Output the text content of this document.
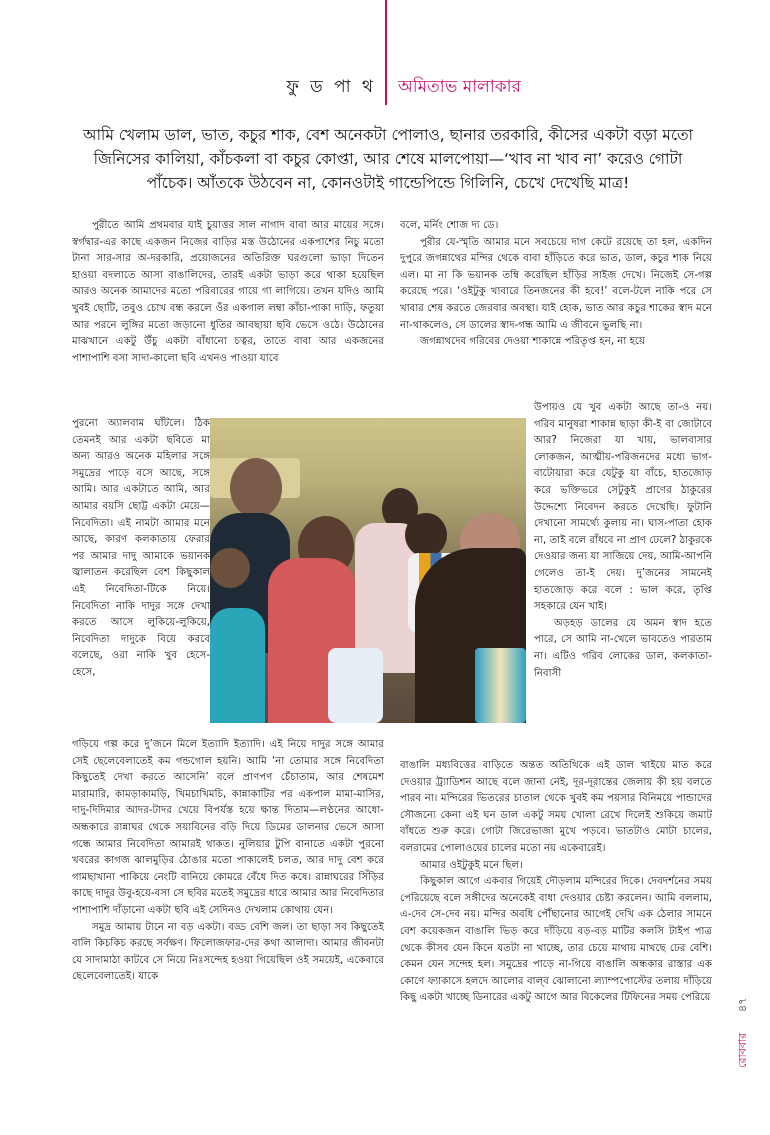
ফু ড পা থ অমিতাভ মালাকার
আমি খেলাম ডাল, ভাত, কচুর শাক, বেশ অনেকটা পোলাও, ছানার তরকারি, কীসের একটা বড়া মতো জিনিসের কালিয়া, কাঁচকলা বা কচুর কোপ্তা, আর শেষে মালপোয়া—‘খাব না খাব না’ করেও গোটা পাঁচেক। আঁতকে উঠবেন না, কোনওটাই গান্ডেপিন্ডে গিলিনি, চেখে দেখেছি মাত্র!

পুরীতে আমি প্রথমবার যাই চুয়াত্তর সাল নাগাদ বাবা আর মায়ের সঙ্গে। স্বর্গদ্বার-এর কাছে একজন নিজের বাড়ির মস্ত উঠোনের একপাশের নিচু মতো টানা সার-সার অ-দরকারি, প্রয়োজনের অতিরিক্ত ঘরগুলো ভাড়া দিতেন হাওয়া বদলাতে আসা বাঙালিদের, তারই একটা ভাড়া করে থাকা হয়েছিল আরও অনেক আমাদের মতো পরিবারের গায়ে গা লাগিয়ে। তখন যদিও আমি খুবই ছোটি, তবুও চোখ বন্ধ করলে ওঁর একগাল লম্বা কাঁচা-পাকা দাড়ি, ফতুয়া আর পরনে লুঙ্গির মতো জড়ানো ধুতির আবছায়া ছবি ভেসে ওঠে। উঠোনের মাঝখানে একটু উঁচু একটা বাঁধানো চত্বর, তাতে বাবা আর একজনের পাশাপাশি বসা সাদা-কালো ছবি এখনও পাওয়া যাবে

পুরনো অ্যালবাম ঘাঁটলে। ঠিক তেমনই আর একটা ছবিতে মা অন্য আরও অনেক মহিলার সঙ্গে সমুদ্রের পাড়ে বসে আছে, সঙ্গে আমি। আর একটাতে আমি, আর আমার বয়সি ছোট্ট একটা মেয়ে—নিবেদিতা। এই নামটা আমার মনে আছে, কারণ কলকাতায় ফেরার পর আমার দাদু আমাকে ভয়ানক জ্বালাতন করেছিল বেশ কিছুকাল এই নিবেদিতা-টিকে নিয়ে। নিবেদিতা নাকি দাদুর সঙ্গে দেখা করতে আসে লুকিয়ে-লুকিয়ে, নিবেদিতা দাদুকে বিয়ে করবে বলেছে, ওরা নাকি খুব হেসে-হেসে,

গড়িয়ে গল্প করে দু’জনে মিলে ইত্যাদি ইত্যাদি। এই নিয়ে দাদুর সঙ্গে আমার সেই ছেলেবেলাতেই কম গন্ডগোল হয়নি। আমি ‘না তোমার সঙ্গে নিবেদিতা কিছুতেই দেখা করতে আসেনি’ বলে প্রাণপণ চেঁচাতাম, আর শেষমেশ মারামারি, কামড়াকামড়ি, খিমচাখিমচি, কান্নাকাটির পর একপাল মামা-মাসির, দাদু-দিদিমার আদর-টাদর খেয়ে বিপর্যস্ত হয়ে ক্ষান্ত দিতাম—লণ্ঠনের আধো-অন্ধকারে রান্নাঘর থেকে সয়াবিনের বড়ি দিয়ে ডিমের ডালনার ভেসে আসা গন্ধে আমার নিবেদিতা আমারই থাকত। নুলিয়ার টুপি বানাতে একটা পুরনো খবরের কাগজ ঝালমুড়ির ঠোঙার মতো পাকালেই চলত, আর দাদু বেশ করে গামছাখানা পাকিয়ে নেংটি বানিয়ে কোমরে বেঁধে দিত কষে। রান্নাঘরের সিঁড়ির কাছে দাদুর উবু-হয়ে-বসা সে ছবির মতেই সমুদ্রের ধারে আমার আর নিবেদিতার পাশাপাশি দাঁড়ানো একটা ছবি এই সেদিনও দেখলাম কোথায় যেন।

সমুদ্র আমায় টানে না বড় একটা। বড্ড বেশি জল। তা ছাড়া সব কিছুতেই বালি কিচকিচ করছে সর্বক্ষণ। ফিলোজফার-দের কথা আলাদা। আমার জীবনটা যে সাদামাঠা কাটবে সে নিয়ে নিঃসন্দেহ হওয়া গিয়েছিল ওই সময়েই, একেবারে ছেলেবেলাতেই। যাকে

বলে, মর্নিং শোজ দ্য ডে।

পুরীর যে-স্মৃতি আমার মনে সবচেয়ে দাগ কেটে রয়েছে তা হল, একদিন দুপুরে জগন্নাথের মন্দির থেকে বাবা হাঁড়িতে করে ভাত, ডাল, কচুর শাক নিয়ে এল। মা না কি ভয়ানক তম্বি করেছিল হাঁড়ির সাইজ দেখে। নিজেই সে-গল্প করেছে পরে। ‘ওইটুকু খাবারে তিনজনের কী হবে!’ বলে-টলে নাকি পরে সে খাবার শেষ করতে জেরবার অবস্থা। যাই হোক, ভাত আর কচুর শাকের স্বাদ মনে না-থাকলেও, সে ডালের স্বাদ-গন্ধ আমি এ জীবনে ভুলছি না।

জগন্নাথদেব গরিবের দেওয়া শাকান্নে পরিতৃপ্ত হন, না হয়ে

উপায়ও যে খুব একটা আছে তা-ও নয়। গরিব মানুষরা শাকান্ন ছাড়া কী-ই বা জোটাবে আর? নিজেরা যা খায়, ভালবাসার লোকজন, আত্মীয়-পরিজনদের মধ্যে ভাগ-বাটোয়ারা করে যেটুকু যা বাঁচে, হাতজোড় করে ভক্তিভরে সেটুকুই প্রাণের ঠাকুরের উদ্দেশ্যে নিবেদন করতে দেখেছি। ফুটানি দেখানো সামর্থ্যে কুলায় না। ঘাস-পাতা হোক না, তাই বলে রাঁধবে না প্রাণ ঢেলে? ঠাকুরকে দেওয়ার জন্য যা সাজিয়ে দেয়, আমি-আপনি গেলেও তা-ই দেয়। দু’জনের সামনেই হাতজোড় করে বলে : ভাল করে, তৃপ্তি সহকারে যেন খাই।

অড়হড় ডালের যে অমন স্বাদ হতে পারে, সে আমি না-খেলে ভাবতেও পারতাম না। এটিও গরিব লোকের ডাল, কলকাতা-নিবাসী

বাঙালি মধ্যবিত্তের বাড়িতে অন্তত অতিথিকে এই ডাল খাইয়ে মাত করে দেওয়ার ট্র্যাডিশন আছে বলে জানা নেই, দূর-দূরান্তের জেলায় কী হয় বলতে পারব না। মন্দিরের ভিতরের চাতাল থেকে খুবই কম পয়সার বিনিময়ে পান্ডাদের সৌজন্যে কেনা এই ঘন ডাল একটু সময় খোলা রেখে দিলেই শুকিয়ে জমাট বাঁধতে শুরু করে। গোটা জিরেভাজা মুখে পড়বে। ভাতটাও মোটা চালের, বলরামের পোলাওয়ের চালের মতো নয় একেবারেই।

আমার ওইটুকুই মনে ছিল।

কিছুকাল আগে একবার গিয়েই দৌড়লাম মন্দিরের দিকে। দেবদর্শনের সময় পেরিয়েছে বলে সঙ্গীদের অনেকেই বাধা দেওয়ার চেষ্টা করলেন। আমি বললাম, এ-দেব সে-দেব নয়। মন্দির অবধি পৌঁছানোর আগেই দেখি এক ঠেলার সামনে বেশ কয়েকজন বাঙালি ভিড় করে দাঁড়িয়ে বড়-বড় মাটির কলসি টাইপ পাত্র থেকে কীসব যেন কিনে যতটা না খাচ্ছে, তার চেয়ে মাথায় মাখছে ঢের বেশি। কেমন যেন সন্দেহ হল। সমুদ্রের পাড়ে না-গিয়ে বাঙালি অন্ধকার রাস্তার এক কোণে ফ্যাকাসে হলদে আলোর বাল্‌ব ঝোলানো ল্যাম্পপোস্টের তলায় দাঁড়িয়ে কিছু একটা খাচ্ছে ডিনারের একটু আগে আর বিকেলের টিফিনের সময় পেরিয়ে

রোববার
৪৭
